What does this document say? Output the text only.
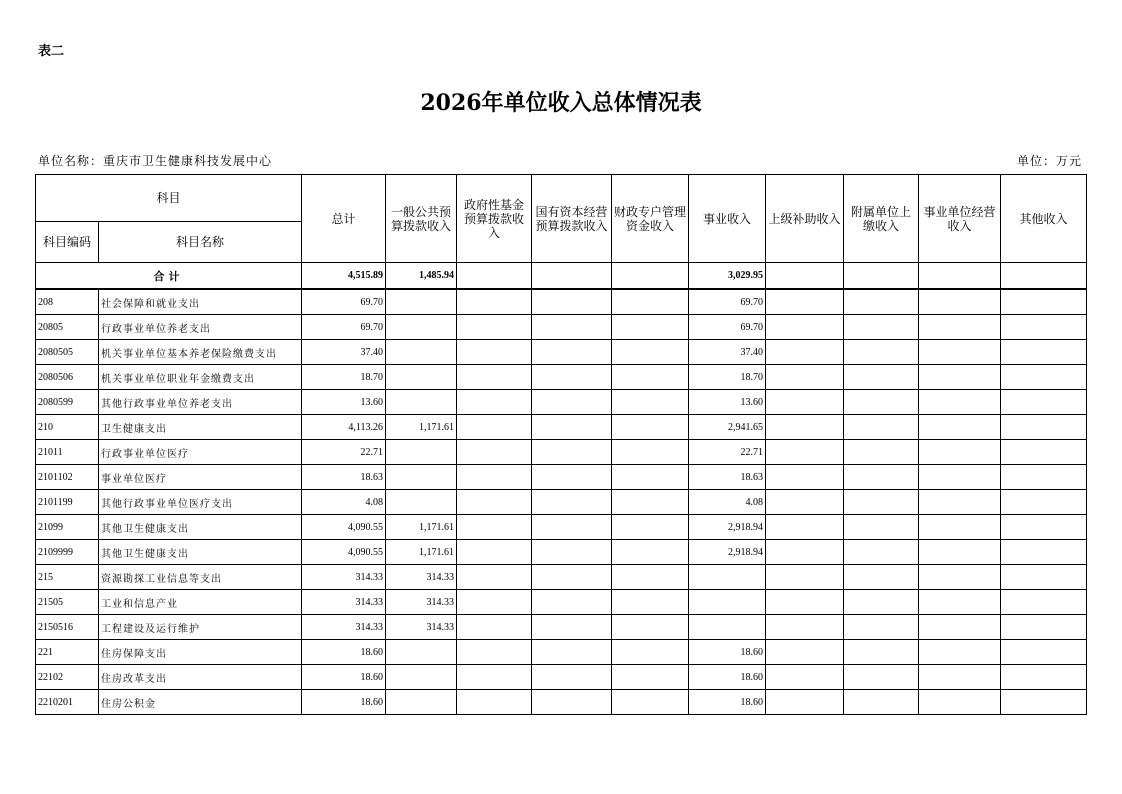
表二
2026年单位收入总体情况表
单位名称：重庆市卫生健康科技发展中心	单位：万元
科目		总计	一般公共预算拨款收入	政府性基金预算拨款收入	国有资本经营预算拨款收入	财政专户管理资金收入	事业收入	上级补助收入	附属单位上缴收入	事业单位经营收入	其他收入
科目编码	科目名称										
合计		4,515.89	1,485.94				3,029.95				
208	社会保障和就业支出	69.70					69.70				
20805	行政事业单位养老支出	69.70					69.70				
2080505	机关事业单位基本养老保险缴费支出	37.40					37.40				
2080506	机关事业单位职业年金缴费支出	18.70					18.70				
2080599	其他行政事业单位养老支出	13.60					13.60				
210	卫生健康支出	4,113.26	1,171.61				2,941.65				
21011	行政事业单位医疗	22.71					22.71				
2101102	事业单位医疗	18.63					18.63				
2101199	其他行政事业单位医疗支出	4.08					4.08				
21099	其他卫生健康支出	4,090.55	1,171.61				2,918.94				
2109999	其他卫生健康支出	4,090.55	1,171.61				2,918.94				
215	资源勘探工业信息等支出	314.33	314.33								
21505	工业和信息产业	314.33	314.33								
2150516	工程建设及运行维护	314.33	314.33								
221	住房保障支出	18.60					18.60				
22102	住房改革支出	18.60					18.60				
2210201	住房公积金	18.60					18.60				
